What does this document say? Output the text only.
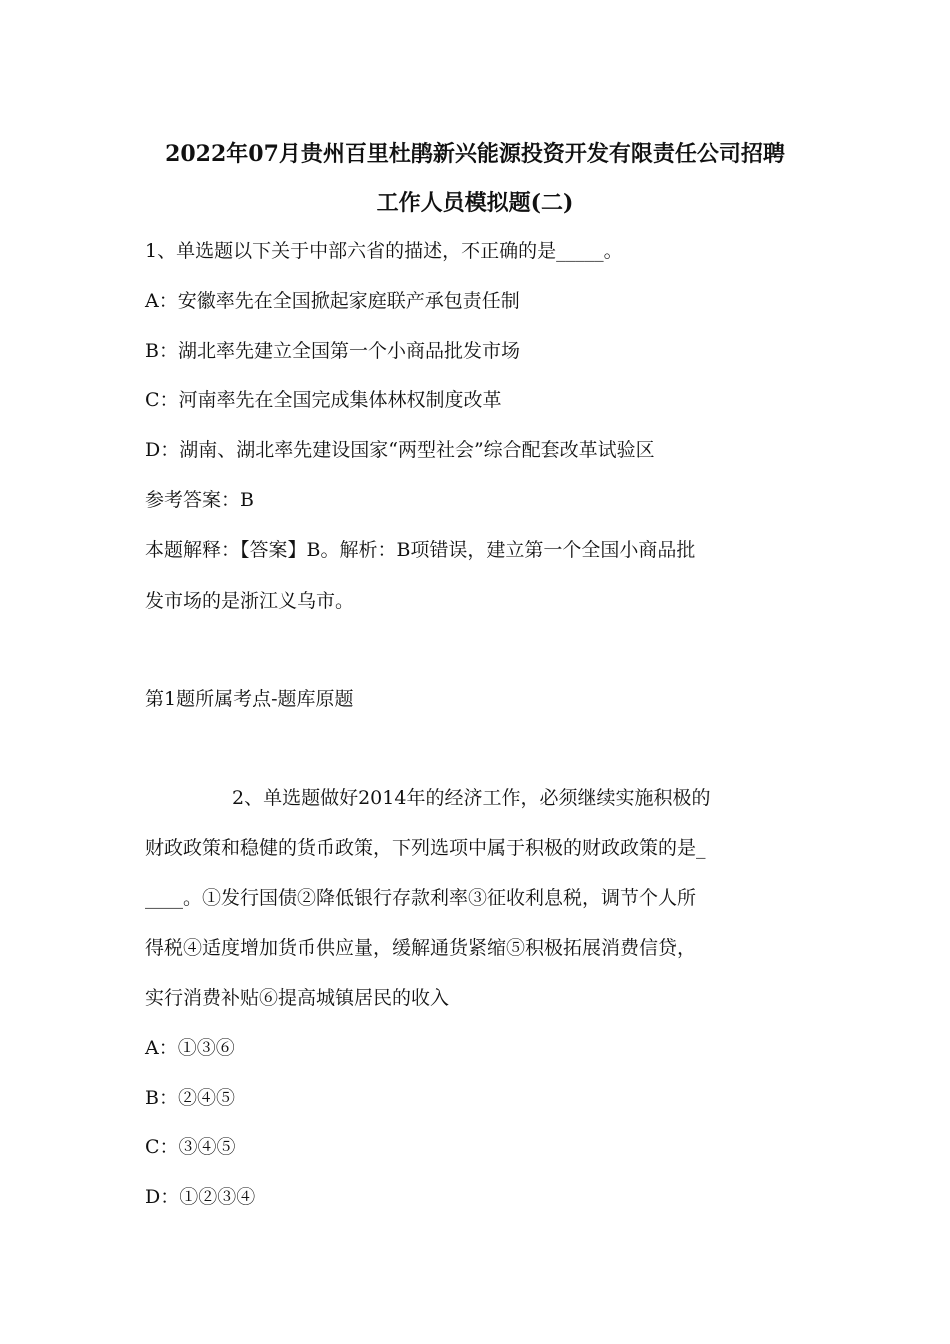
2022年07月贵州百里杜鹃新兴能源投资开发有限责任公司招聘
工作人员模拟题(二)
1、单选题以下关于中部六省的描述，不正确的是_____。
A：安徽率先在全国掀起家庭联产承包责任制
B：湖北率先建立全国第一个小商品批发市场
C：河南率先在全国完成集体林权制度改革
D：湖南、湖北率先建设国家“两型社会”综合配套改革试验区
参考答案：B
本题解释：【答案】B。解析：B项错误，建立第一个全国小商品批
发市场的是浙江义乌市。
第1题所属考点-题库原题
2、单选题做好2014年的经济工作，必须继续实施积极的
财政政策和稳健的货币政策，下列选项中属于积极的财政政策的是_
____。①发行国债②降低银行存款利率③征收利息税，调节个人所
得税④适度增加货币供应量，缓解通货紧缩⑤积极拓展消费信贷，
实行消费补贴⑥提高城镇居民的收入
A：①③⑥
B：②④⑤
C：③④⑤
D：①②③④
